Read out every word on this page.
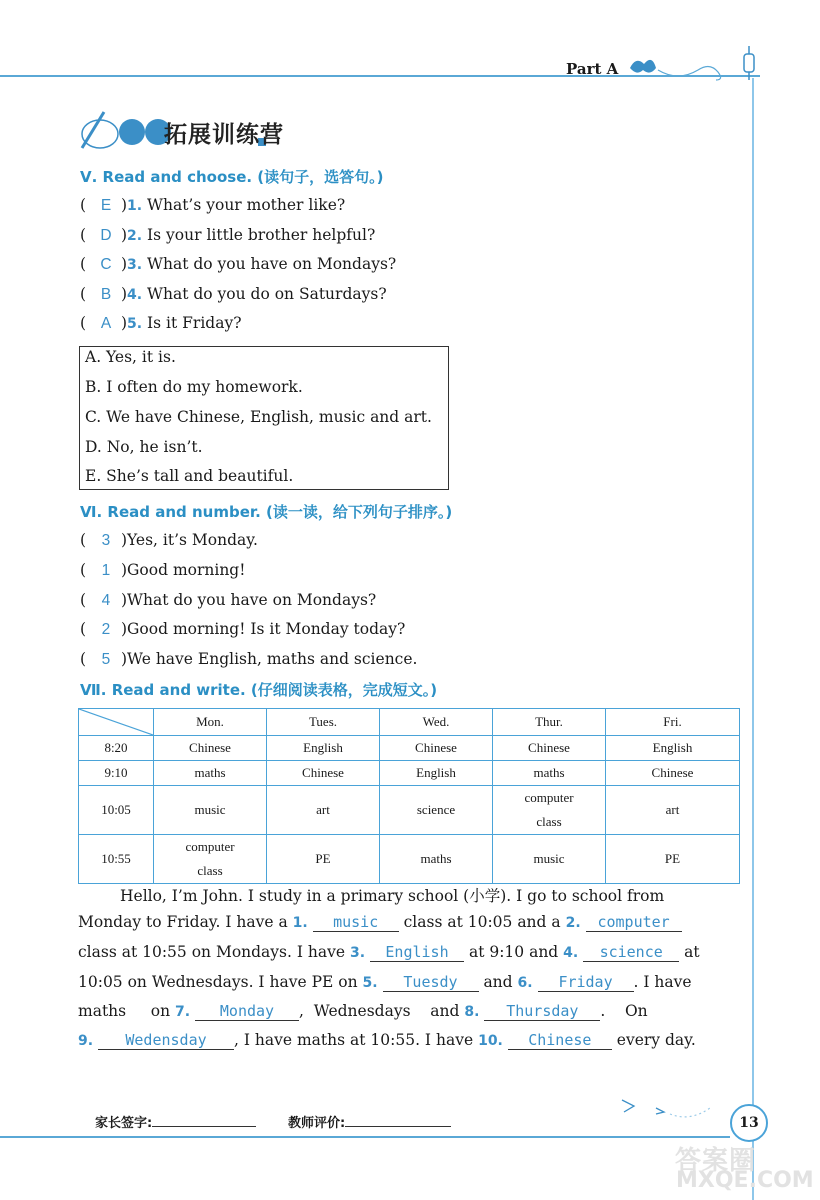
Part A
拓展训练营
Ⅴ. Read and choose. (读句子，选答句。)
( E )1. What’s your mother like?
( D )2. Is your little brother helpful?
( C )3. What do you have on Mondays?
( B )4. What do you do on Saturdays?
( A )5. Is it Friday?
A. Yes, it is.
B. I often do my homework.
C. We have Chinese, English, music and art.
D. No, he isn’t.
E. She’s tall and beautiful.
Ⅵ. Read and number. (读一读，给下列句子排序。)
( 3 )Yes, it’s Monday.
( 1 )Good morning!
( 4 )What do you have on Mondays?
( 2 )Good morning! Is it Monday today?
( 5 )We have English, maths and science.
Ⅶ. Read and write. (仔细阅读表格，完成短文。)
	Mon.	Tues.	Wed.	Thur.	Fri.
8:20	Chinese	English	Chinese	Chinese	English
9:10	maths	Chinese	English	maths	Chinese
10:05	music	art	science	computer class	art
10:55	computer class	PE	maths	music	PE
Hello, I’m John. I study in a primary school (小学). I go to school from
Monday to Friday. I have a 1. music class at 10:05 and a 2. computer
class at 10:55 on Mondays. I have 3. English at 9:10 and 4. science at
10:05 on Wednesdays. I have PE on 5. Tuesdy and 6. Friday . I have
maths     on 7. Monday ,  Wednesdays    and 8. Thursday .    On
9. Wedensday , I have maths at 10:55. I have 10. Chinese every day.
家长签字:	教师评价:	13
答案圈
MXQE.COM
